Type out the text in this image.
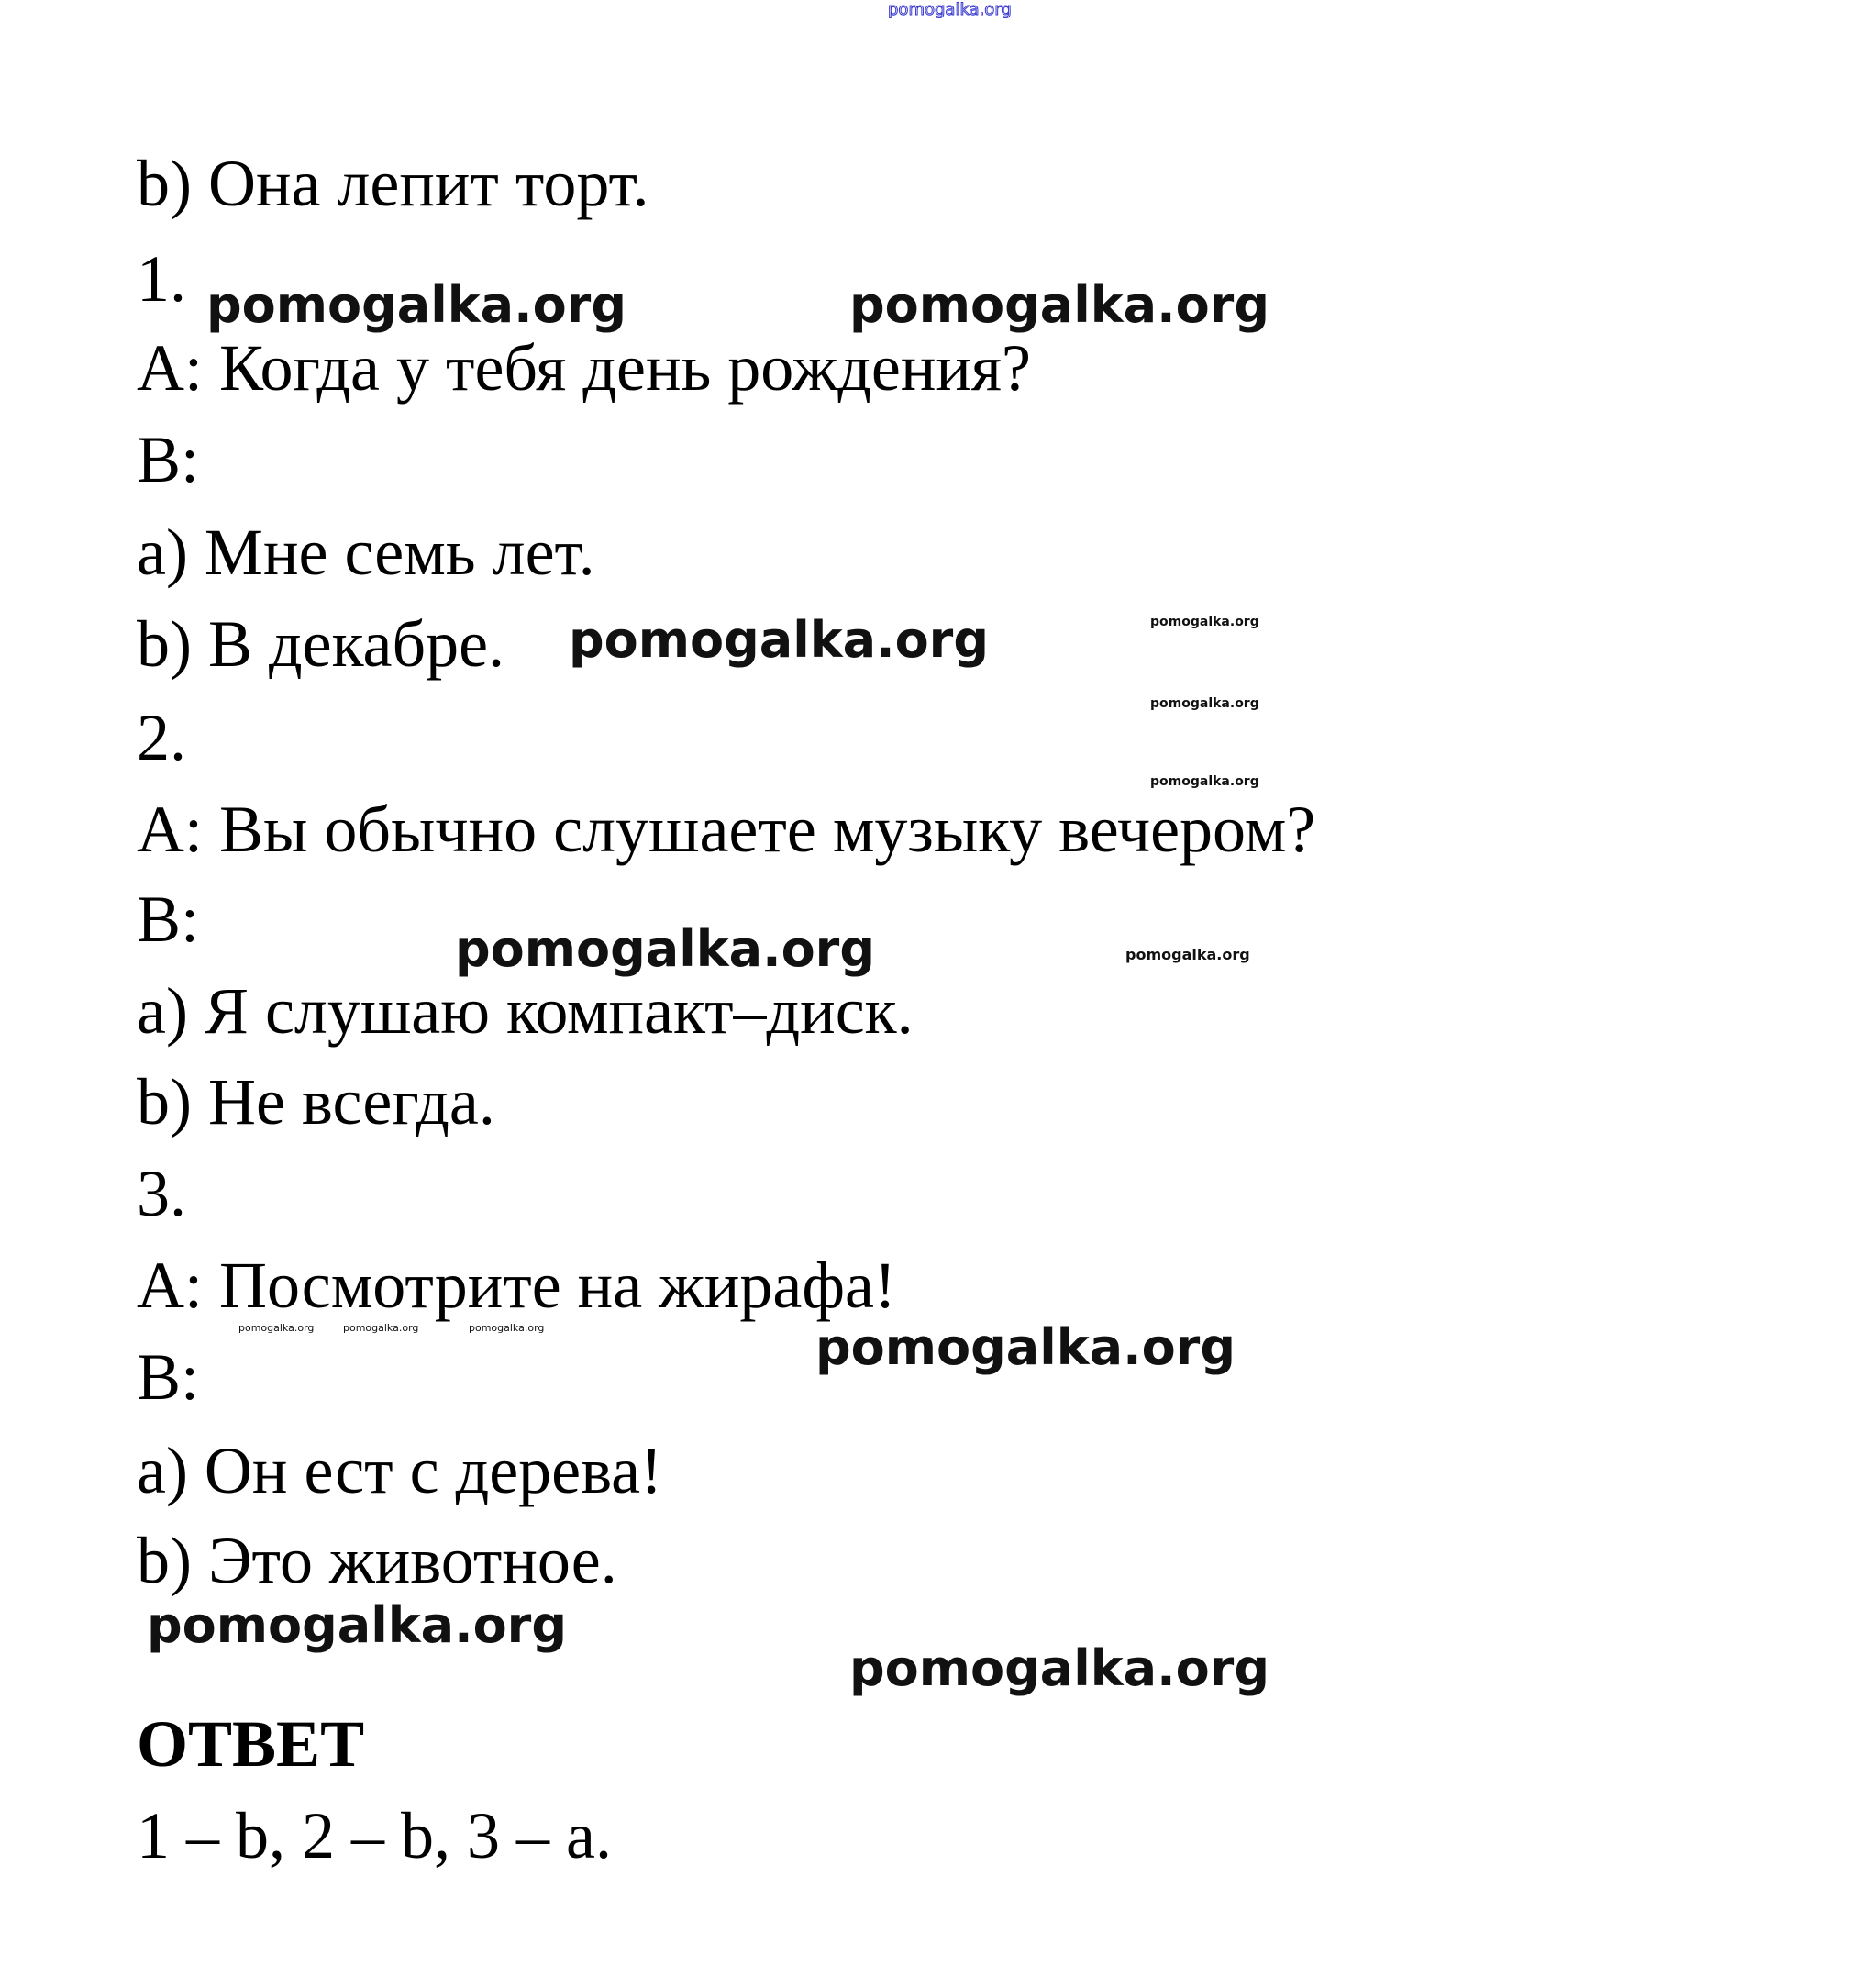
pomogalka.org
b) Она лепит торт.
1.
A: Когда у тебя день рождения?
B:
a) Мне семь лет.
b) В декабре.
2.
A: Вы обычно слушаете музыку вечером?
B:
a) Я слушаю компакт–диск.
b) Не всегда.
3.
A: Посмотрите на жирафа!
B:
a) Он ест с дерева!
b) Это животное.
ОТВЕТ
1 – b, 2 – b, 3 – a.
pomogalka.org	pomogalka.org
pomogalka.org
pomogalka.org
pomogalka.org
pomogalka.org
pomogalka.org
pomogalka.org
pomogalka.org
pomogalka.org
pomogalka.org
pomogalka.org	pomogalka.org	pomogalka.org
